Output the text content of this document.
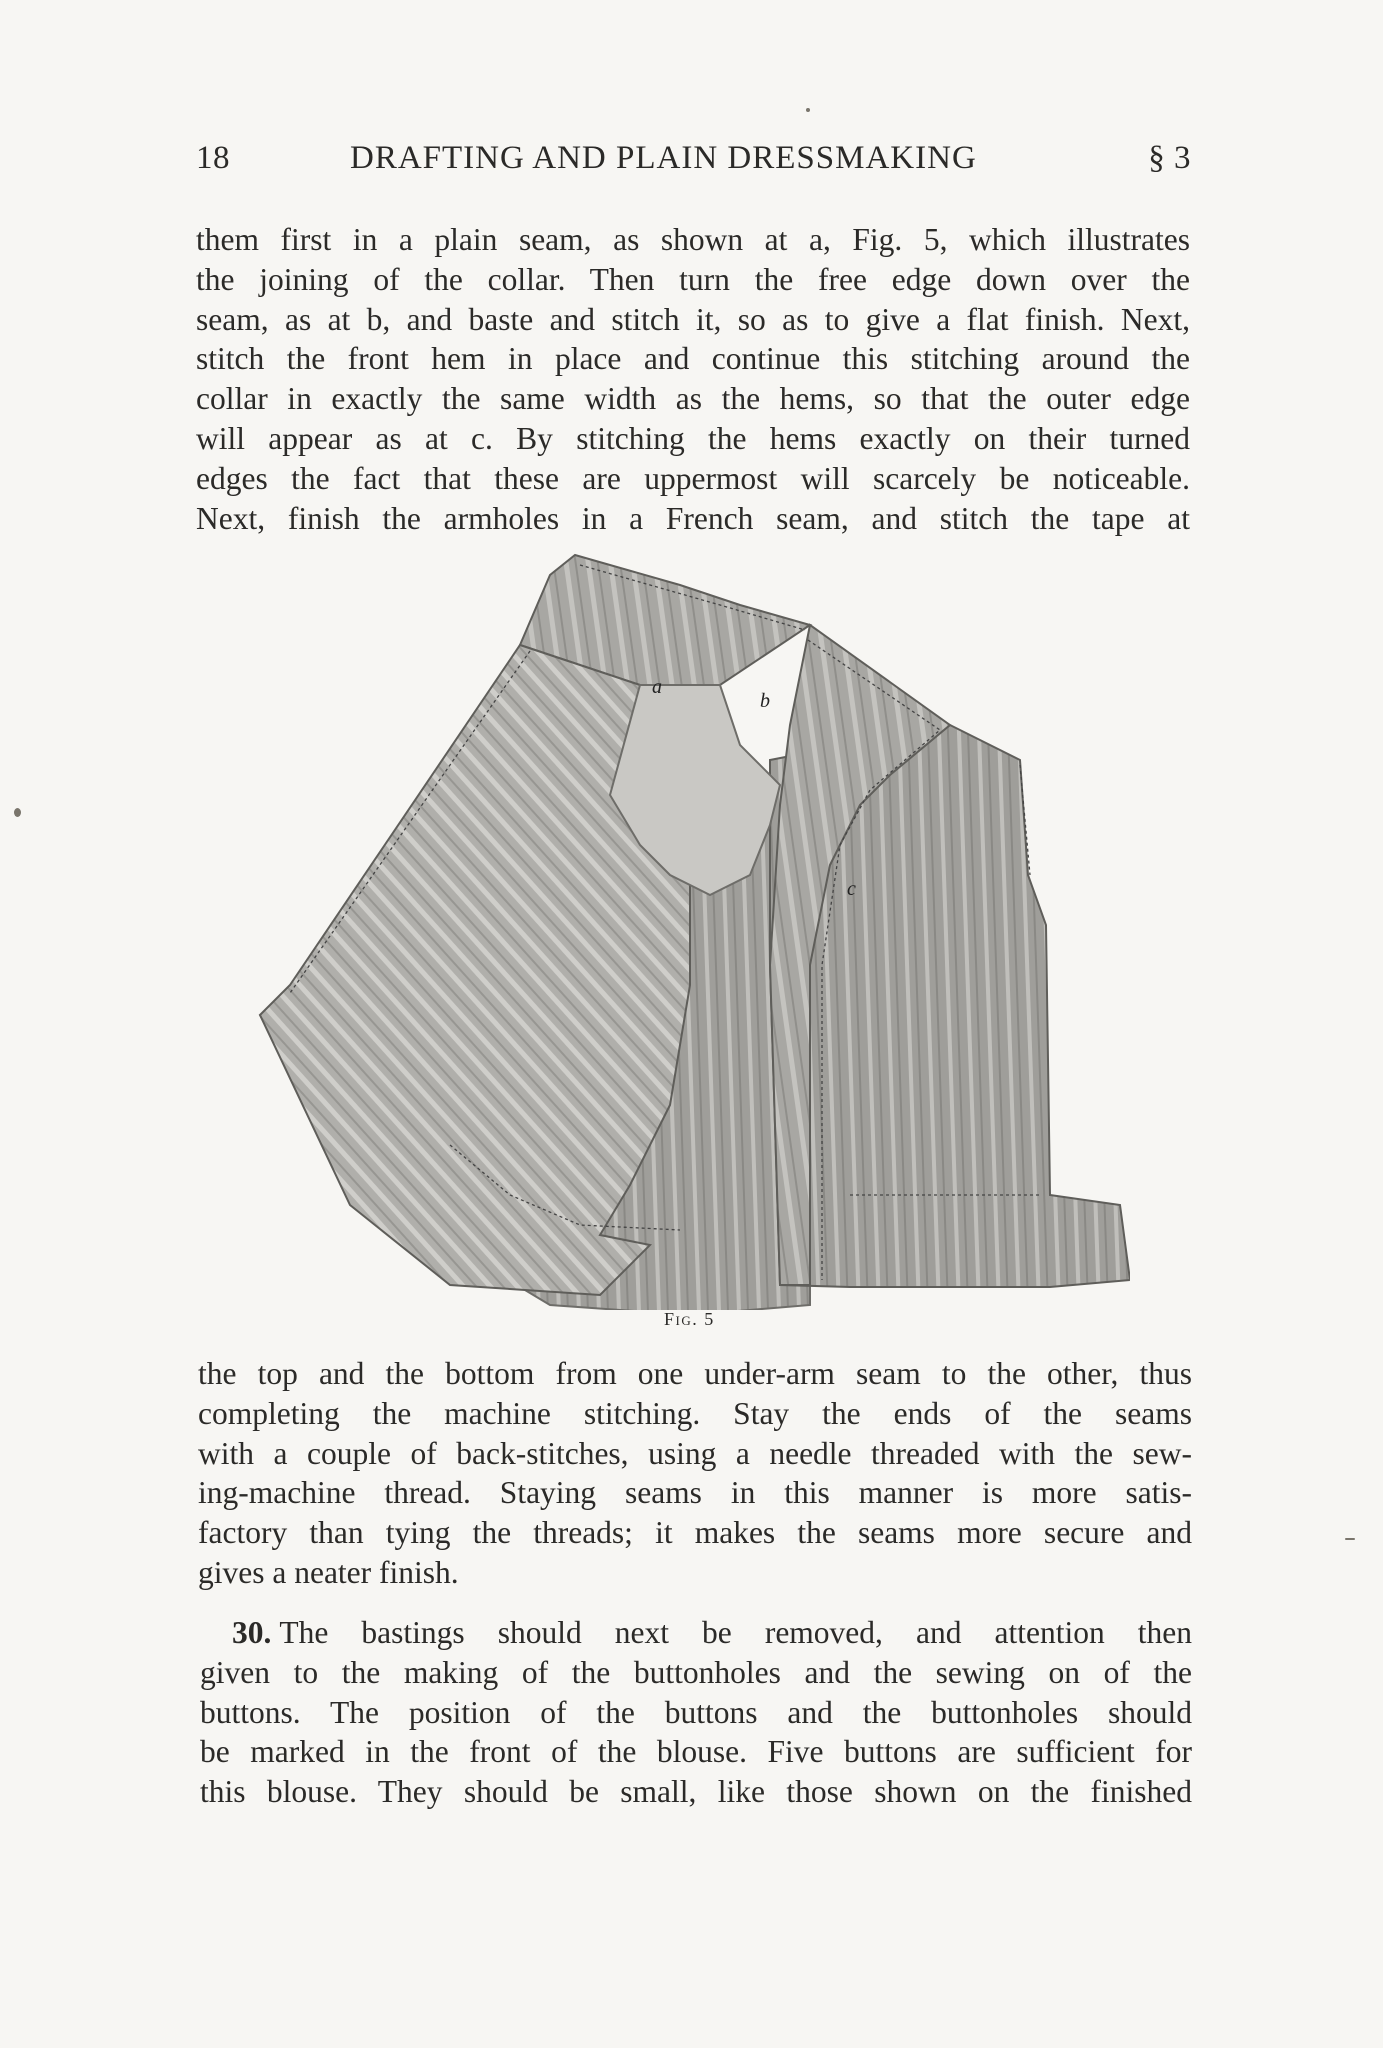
18	DRAFTING AND PLAIN DRESSMAKING	§ 3
them first in a plain seam, as shown at a, Fig. 5, which illustrates
the joining of the collar. Then turn the free edge down over the
seam, as at b, and baste and stitch it, so as to give a flat finish. Next,
stitch the front hem in place and continue this stitching around the
collar in exactly the same width as the hems, so that the outer edge
will appear as at c. By stitching the hems exactly on their turned
edges the fact that these are uppermost will scarcely be noticeable.
Next, finish the armholes in a French seam, and stitch the tape at
a
b
c
Fig. 5
the top and the bottom from one under-arm seam to the other, thus
completing the machine stitching. Stay the ends of the seams
with a couple of back-stitches, using a needle threaded with the sew-
ing-machine thread. Staying seams in this manner is more satis-
factory than tying the threads; it makes the seams more secure and
gives a neater finish.
30. The bastings should next be removed, and attention then
given to the making of the buttonholes and the sewing on of the
buttons. The position of the buttons and the buttonholes should
be marked in the front of the blouse. Five buttons are sufficient for
this blouse. They should be small, like those shown on the finished
